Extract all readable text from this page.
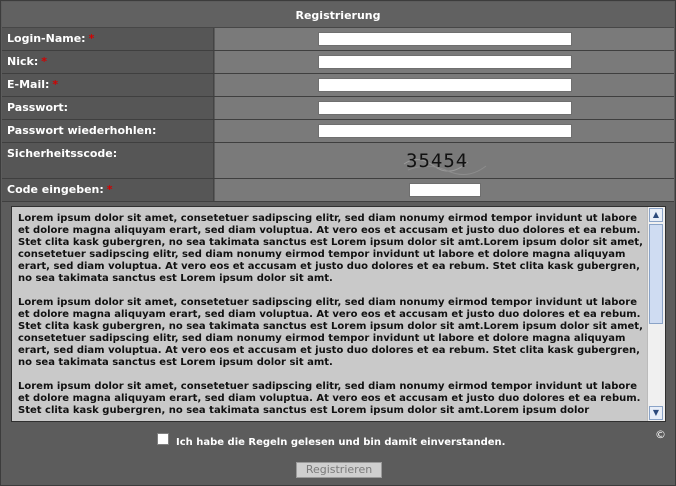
Registrierung
Login-Name: *
Nick: *
E-Mail: *
Passwort:
Passwort wiederhohlen:
Sicherheitsscode:	35454
Code eingeben: *

Lorem ipsum dolor sit amet, consetetuer sadipscing elitr, sed diam nonumy eirmod tempor invidunt ut labore et dolore magna aliquyam erart, sed diam voluptua. At vero eos et accusam et justo duo dolores et ea rebum. Stet clita kask gubergren, no sea takimata sanctus est Lorem ipsum dolor sit amt.Lorem ipsum dolor sit amet, consetetuer sadipscing elitr, sed diam nonumy eirmod tempor invidunt ut labore et dolore magna aliquyam erart, sed diam voluptua. At vero eos et accusam et justo duo dolores et ea rebum. Stet clita kask gubergren, no sea takimata sanctus est Lorem ipsum dolor sit amt.

Lorem ipsum dolor sit amet, consetetuer sadipscing elitr, sed diam nonumy eirmod tempor invidunt ut labore et dolore magna aliquyam erart, sed diam voluptua. At vero eos et accusam et justo duo dolores et ea rebum. Stet clita kask gubergren, no sea takimata sanctus est Lorem ipsum dolor sit amt.Lorem ipsum dolor sit amet, consetetuer sadipscing elitr, sed diam nonumy eirmod tempor invidunt ut labore et dolore magna aliquyam erart, sed diam voluptua. At vero eos et accusam et justo duo dolores et ea rebum. Stet clita kask gubergren, no sea takimata sanctus est Lorem ipsum dolor sit amt.

Lorem ipsum dolor sit amet, consetetuer sadipscing elitr, sed diam nonumy eirmod tempor invidunt ut labore et dolore magna aliquyam erart, sed diam voluptua. At vero eos et accusam et justo duo dolores et ea rebum. Stet clita kask gubergren, no sea takimata sanctus est Lorem ipsum dolor sit amt.Lorem ipsum dolor

▲
▼
©
Ich habe die Regeln gelesen und bin damit einverstanden.
Registrieren
